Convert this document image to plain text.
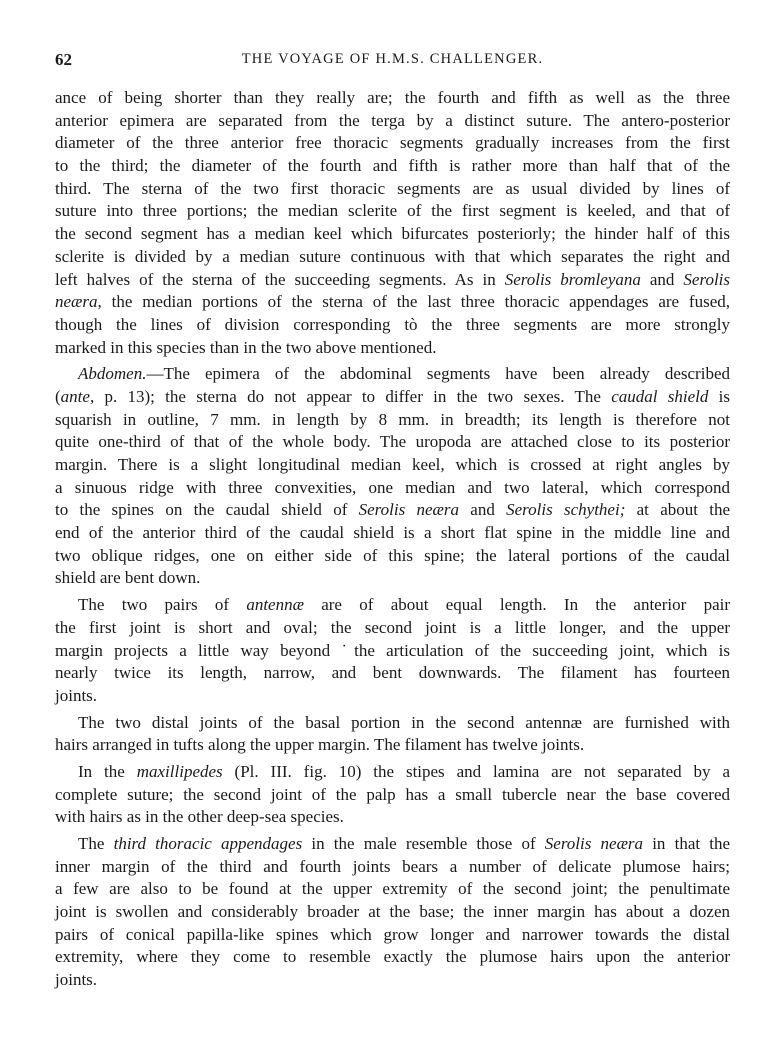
62	THE VOYAGE OF H.M.S. CHALLENGER.
ance of being shorter than they really are; the fourth and fifth as well as the three
anterior epimera are separated from the terga by a distinct suture. The antero-posterior
diameter of the three anterior free thoracic segments gradually increases from the first
to the third; the diameter of the fourth and fifth is rather more than half that of the
third. The sterna of the two first thoracic segments are as usual divided by lines of
suture into three portions; the median sclerite of the first segment is keeled, and that of
the second segment has a median keel which bifurcates posteriorly; the hinder half of this
sclerite is divided by a median suture continuous with that which separates the right and
left halves of the sterna of the succeeding segments. As in Serolis bromleyana and Serolis
neæra, the median portions of the sterna of the last three thoracic appendages are fused,
though the lines of division corresponding tò the three segments are more strongly
marked in this species than in the two above mentioned.
Abdomen.—The epimera of the abdominal segments have been already described
(ante, p. 13); the sterna do not appear to differ in the two sexes. The caudal shield is
squarish in outline, 7 mm. in length by 8 mm. in breadth; its length is therefore not
quite one-third of that of the whole body. The uropoda are attached close to its posterior
margin. There is a slight longitudinal median keel, which is crossed at right angles by
a sinuous ridge with three convexities, one median and two lateral, which correspond
to the spines on the caudal shield of Serolis neæra and Serolis schythei; at about the
end of the anterior third of the caudal shield is a short flat spine in the middle line and
two oblique ridges, one on either side of this spine; the lateral portions of the caudal
shield are bent down.
The two pairs of antennæ are of about equal length. In the anterior pair
the first joint is short and oval; the second joint is a little longer, and the upper
margin projects a little way beyond ˙the articulation of the succeeding joint, which is
nearly twice its length, narrow, and bent downwards. The filament has fourteen
joints.
The two distal joints of the basal portion in the second antennæ are furnished with
hairs arranged in tufts along the upper margin. The filament has twelve joints.
In the maxillipedes (Pl. III. fig. 10) the stipes and lamina are not separated by a
complete suture; the second joint of the palp has a small tubercle near the base covered
with hairs as in the other deep-sea species.
The third thoracic appendages in the male resemble those of Serolis neæra in that the
inner margin of the third and fourth joints bears a number of delicate plumose hairs;
a few are also to be found at the upper extremity of the second joint; the penultimate
joint is swollen and considerably broader at the base; the inner margin has about a dozen
pairs of conical papilla-like spines which grow longer and narrower towards the distal
extremity, where they come to resemble exactly the plumose hairs upon the anterior
joints.
